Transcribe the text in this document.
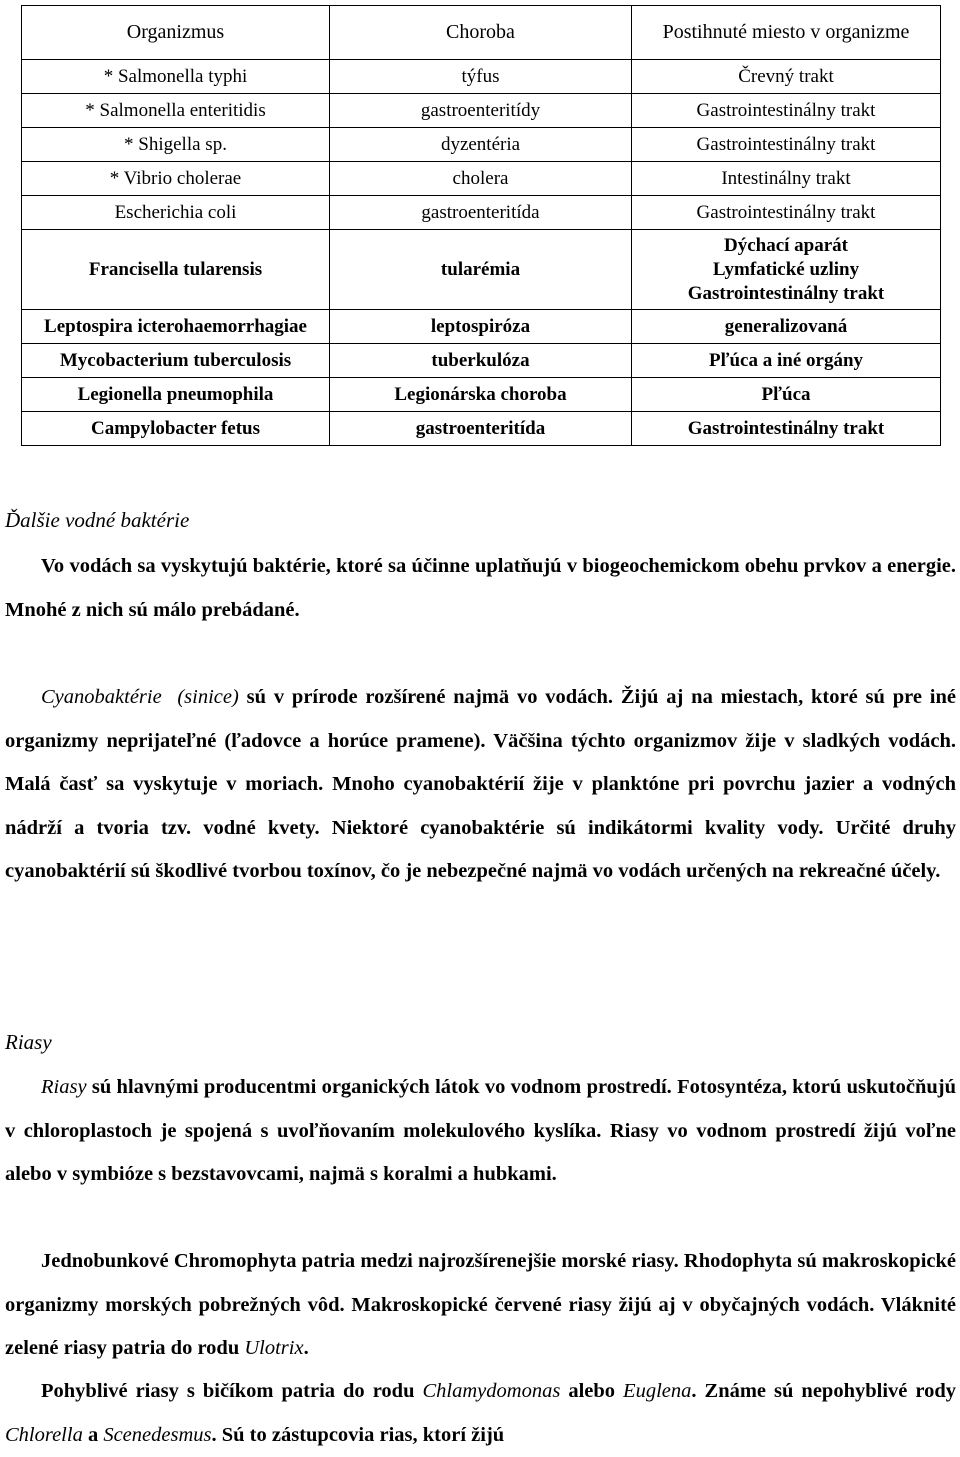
Organizmus	Choroba	Postihnuté miesto v organizme
* Salmonella typhi	týfus	Črevný trakt
* Salmonella enteritidis	gastroenteritídy	Gastrointestinálny trakt
* Shigella sp.	dyzentéria	Gastrointestinálny trakt
* Vibrio cholerae	cholera	Intestinálny trakt
Escherichia coli	gastroenteritída	Gastrointestinálny trakt
Francisella tularensis	tularémia	Dýchací aparát
Lymfatické uzliny
Gastrointestinálny trakt

Leptospira icterohaemorrhagiae	leptospiróza	generalizovaná
Mycobacterium tuberculosis	tuberkulóza	Pľúca a iné orgány
Legionella pneumophila	Legionárska choroba	Pľúca
Campylobacter fetus	gastroenteritída	Gastrointestinálny trakt
Ďalšie vodné baktérie

Vo vodách sa vyskytujú baktérie, ktoré sa účinne uplatňujú v biogeochemickom obehu prvkov a energie. Mnohé z nich sú málo prebádané.

Cyanobaktérie  (sinice) sú v prírode rozšírené najmä vo vodách. Žijú aj na miestach, ktoré sú pre iné organizmy neprijateľné (ľadovce a horúce pramene). Väčšina týchto organizmov žije v sladkých vodách. Malá časť sa vyskytuje v moriach. Mnoho cyanobaktérií žije v planktóne pri povrchu jazier a vodných nádrží a tvoria tzv. vodné kvety. Niektoré cyanobaktérie sú indikátormi kvality vody. Určité druhy cyanobaktérií sú škodlivé tvorbou toxínov, čo je nebezpečné najmä vo vodách určených na rekreačné účely.

Riasy

Riasy sú hlavnými producentmi organických látok vo vodnom prostredí. Fotosyntéza, ktorú uskutočňujú v chloroplastoch je spojená s uvoľňovaním molekulového kyslíka. Riasy vo vodnom prostredí žijú voľne alebo v symbióze s bezstavovcami, najmä s koralmi a hubkami.

Jednobunkové Chromophyta patria medzi najrozšírenejšie morské riasy. Rhodophyta sú makroskopické organizmy morských pobrežných vôd. Makroskopické červené riasy žijú aj v obyčajných vodách. Vláknité zelené riasy patria do rodu Ulotrix.

Pohyblivé riasy s bičíkom patria do rodu Chlamydomonas alebo Euglena. Známe sú nepohyblivé rody Chlorella a Scenedesmus. Sú to zástupcovia rias, ktorí žijú
